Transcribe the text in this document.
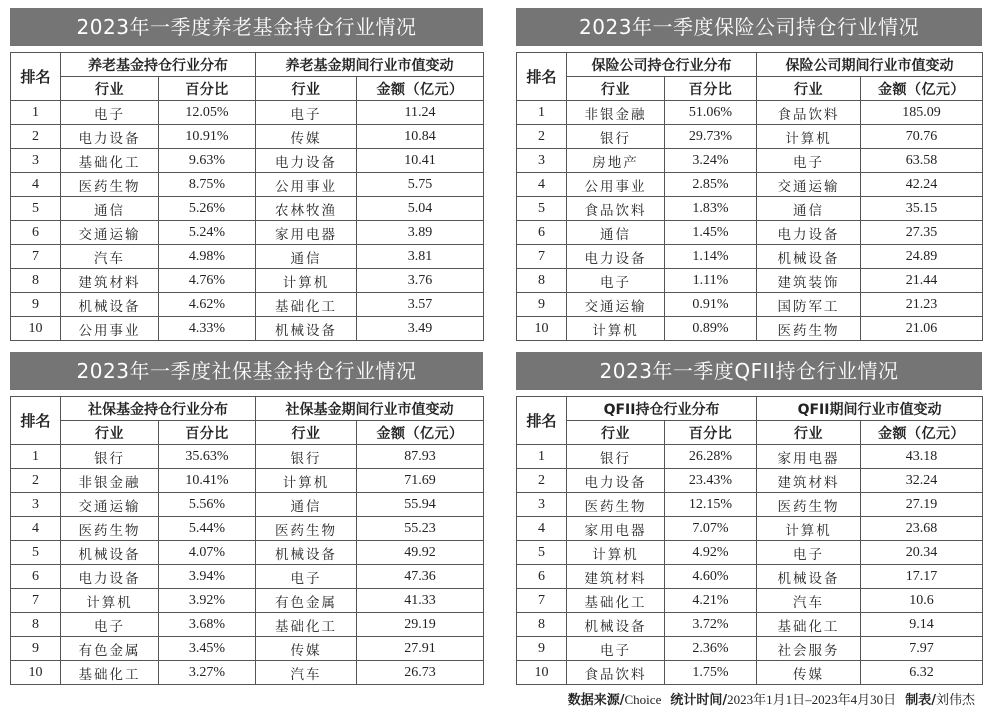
2023年一季度养老基金持仓行业情况
排名	养老基金持仓行业分布		养老基金期间行业市值变动	
	行业	百分比	行业	金额（亿元）
1	电子	12.05%	电子	11.24
2	电力设备	10.91%	传媒	10.84
3	基础化工	9.63%	电力设备	10.41
4	医药生物	8.75%	公用事业	5.75
5	通信	5.26%	农林牧渔	5.04
6	交通运输	5.24%	家用电器	3.89
7	汽车	4.98%	通信	3.81
8	建筑材料	4.76%	计算机	3.76
9	机械设备	4.62%	基础化工	3.57
10	公用事业	4.33%	机械设备	3.49
2023年一季度保险公司持仓行业情况
排名	保险公司持仓行业分布		保险公司期间行业市值变动	
	行业	百分比	行业	金额（亿元）
1	非银金融	51.06%	食品饮料	185.09
2	银行	29.73%	计算机	70.76
3	房地产	3.24%	电子	63.58
4	公用事业	2.85%	交通运输	42.24
5	食品饮料	1.83%	通信	35.15
6	通信	1.45%	电力设备	27.35
7	电力设备	1.14%	机械设备	24.89
8	电子	1.11%	建筑装饰	21.44
9	交通运输	0.91%	国防军工	21.23
10	计算机	0.89%	医药生物	21.06
2023年一季度社保基金持仓行业情况
排名	社保基金持仓行业分布		社保基金期间行业市值变动	
	行业	百分比	行业	金额（亿元）
1	银行	35.63%	银行	87.93
2	非银金融	10.41%	计算机	71.69
3	交通运输	5.56%	通信	55.94
4	医药生物	5.44%	医药生物	55.23
5	机械设备	4.07%	机械设备	49.92
6	电力设备	3.94%	电子	47.36
7	计算机	3.92%	有色金属	41.33
8	电子	3.68%	基础化工	29.19
9	有色金属	3.45%	传媒	27.91
10	基础化工	3.27%	汽车	26.73
2023年一季度QFII持仓行业情况
排名	QFII持仓行业分布		QFII期间行业市值变动	
	行业	百分比	行业	金额（亿元）
1	银行	26.28%	家用电器	43.18
2	电力设备	23.43%	建筑材料	32.24
3	医药生物	12.15%	医药生物	27.19
4	家用电器	7.07%	计算机	23.68
5	计算机	4.92%	电子	20.34
6	建筑材料	4.60%	机械设备	17.17
7	基础化工	4.21%	汽车	10.6
8	机械设备	3.72%	基础化工	9.14
9	电子	2.36%	社会服务	7.97
10	食品饮料	1.75%	传媒	6.32
数据来源/Choice 统计时间/2023年1月1日–2023年4月30日 制表/刘伟杰
